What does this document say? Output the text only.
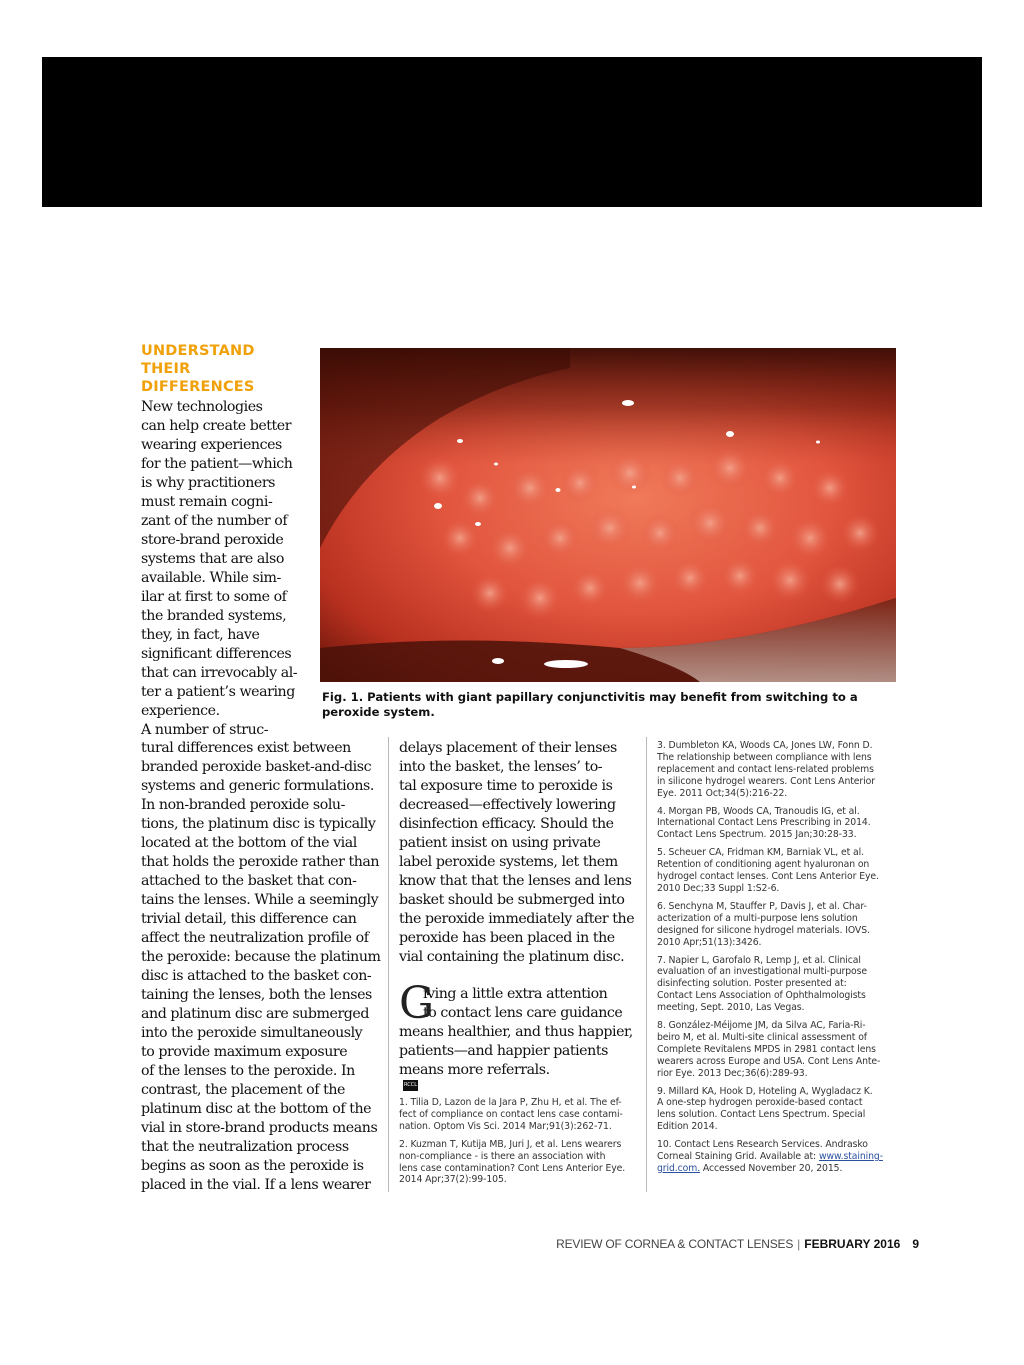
UNDERSTAND
THEIR
DIFFERENCES
New technologies
can help create better
wearing experiences
for the patient—which
is why practitioners
must remain cogni-
zant of the number of
store-brand peroxide
systems that are also
available. While sim-
ilar at first to some of
the branded systems,
they, in fact, have
significant differences
that can irrevocably al-
ter a patient’s wearing
experience.
A number of struc-
tural differences exist between
branded peroxide basket-and-disc
systems and generic formulations.
In non-branded peroxide solu-
tions, the platinum disc is typically
located at the bottom of the vial
that holds the peroxide rather than
attached to the basket that con-
tains the lenses. While a seemingly
trivial detail, this difference can
affect the neutralization profile of
the peroxide: because the platinum
disc is attached to the basket con-
taining the lenses, both the lenses
and platinum disc are submerged
into the peroxide simultaneously
to provide maximum exposure
of the lenses to the peroxide. In
contrast, the placement of the
platinum disc at the bottom of the
vial in store-brand products means
that the neutralization process
begins as soon as the peroxide is
placed in the vial. If a lens wearer
delays placement of their lenses
into the basket, the lenses’ to-
tal exposure time to peroxide is
decreased—effectively lowering
disinfection efficacy. Should the
patient insist on using private
label peroxide systems, let them
know that that the lenses and lens
basket should be submerged into
the peroxide immediately after the
peroxide has been placed in the
vial containing the platinum disc.
G
iving a little extra attention
to contact lens care guidance
means healthier, and thus happier,
patients—and happier patients
means more referrals.
RCCL
1. Tilia D, Lazon de la Jara P, Zhu H, et al. The ef-
fect of compliance on contact lens case contami-
nation. Optom Vis Sci. 2014 Mar;91(3):262-71.
2. Kuzman T, Kutija MB, Juri J, et al. Lens wearers
non-compliance - is there an association with
lens case contamination? Cont Lens Anterior Eye.
2014 Apr;37(2):99-105.
3. Dumbleton KA, Woods CA, Jones LW, Fonn D.
The relationship between compliance with lens
replacement and contact lens-related problems
in silicone hydrogel wearers. Cont Lens Anterior
Eye. 2011 Oct;34(5):216-22.
4. Morgan PB, Woods CA, Tranoudis IG, et al.
International Contact Lens Prescribing in 2014.
Contact Lens Spectrum. 2015 Jan;30:28-33.
5. Scheuer CA, Fridman KM, Barniak VL, et al.
Retention of conditioning agent hyaluronan on
hydrogel contact lenses. Cont Lens Anterior Eye.
2010 Dec;33 Suppl 1:S2-6.
6. Senchyna M, Stauffer P, Davis J, et al. Char-
acterization of a multi-purpose lens solution
designed for silicone hydrogel materials. IOVS.
2010 Apr;51(13):3426.
7. Napier L, Garofalo R, Lemp J, et al. Clinical
evaluation of an investigational multi-purpose
disinfecting solution. Poster presented at:
Contact Lens Association of Ophthalmologists
meeting, Sept. 2010, Las Vegas.
8. González-Méijome JM, da Silva AC, Faria-Ri-
beiro M, et al. Multi-site clinical assessment of
Complete Revitalens MPDS in 2981 contact lens
wearers across Europe and USA. Cont Lens Ante-
rior Eye. 2013 Dec;36(6):289-93.
9. Millard KA, Hook D, Hoteling A, Wygladacz K.
A one-step hydrogen peroxide-based contact
lens solution. Contact Lens Spectrum. Special
Edition 2014.
10. Contact Lens Research Services. Andrasko
Corneal Staining Grid. Available at: www.staining-
grid.com. Accessed November 20, 2015.
Fig. 1. Patients with giant papillary conjunctivitis may benefit from switching to a
peroxide system.
REVIEW OF CORNEA & CONTACT LENSES | FEBRUARY 2016 9
